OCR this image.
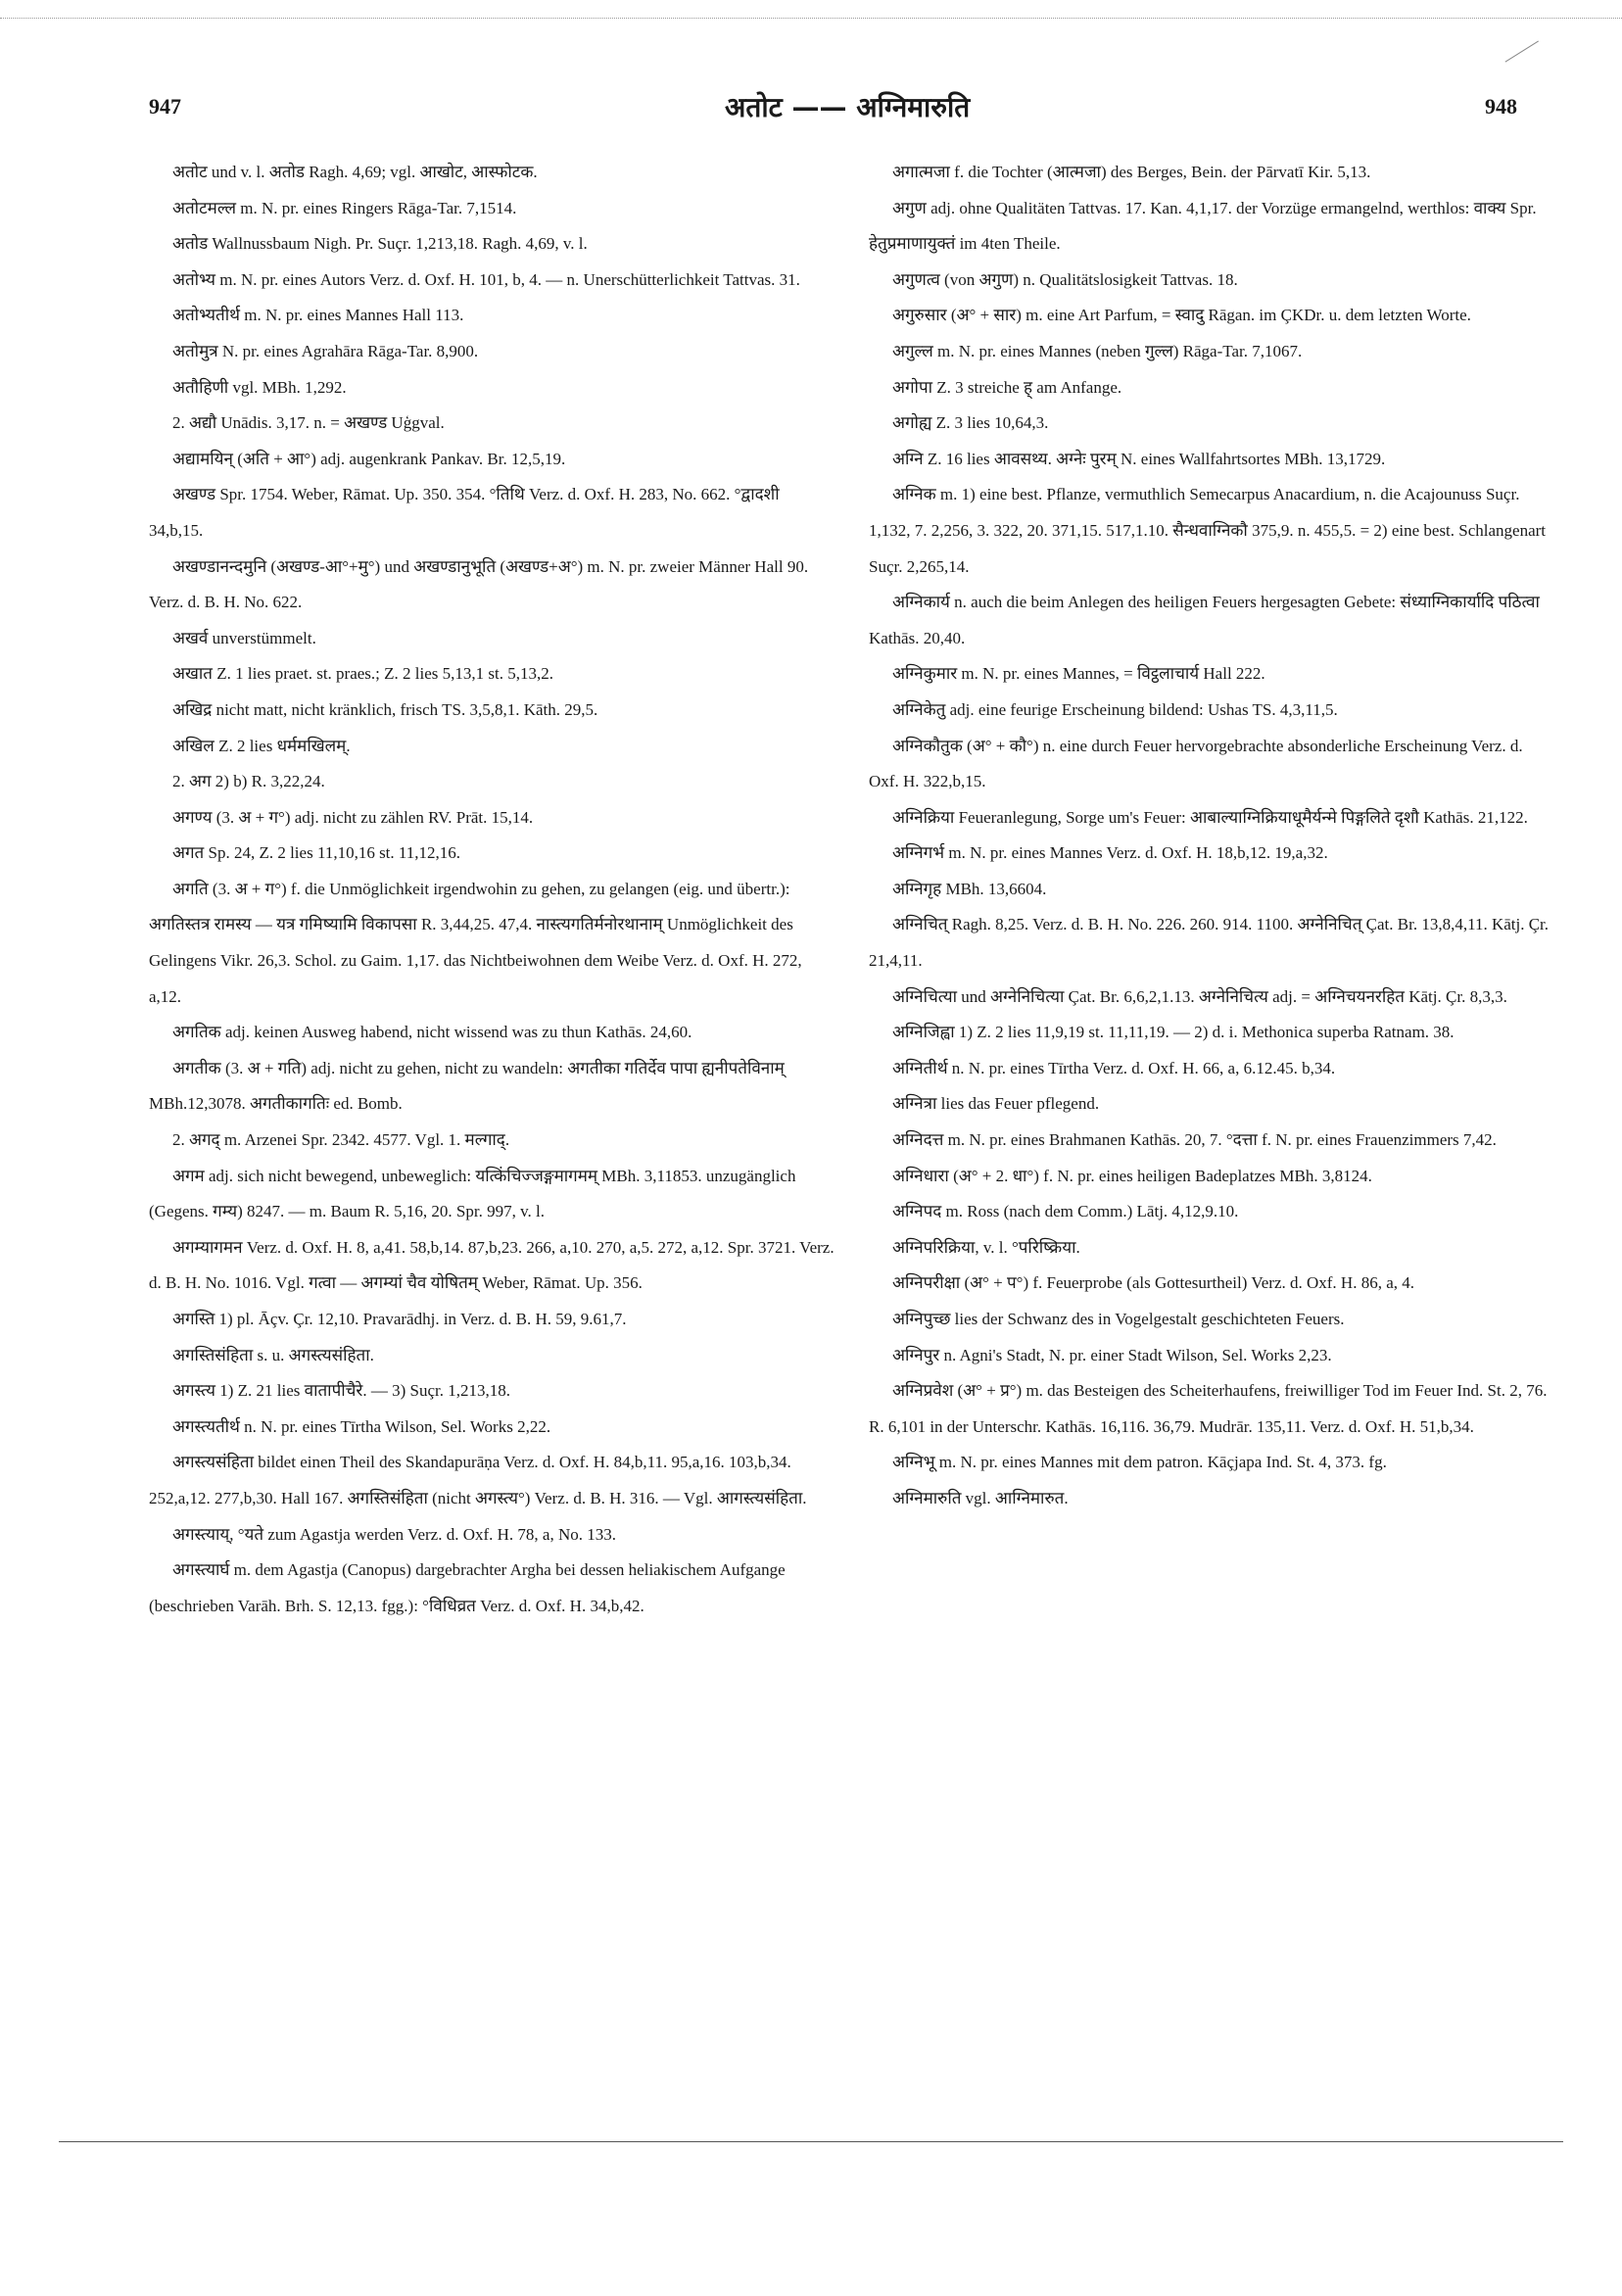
947	अतोट —— अग्निमारुति	948

अतोट und v. l. अतोड Ragh. 4,69; vgl. आखोट, आस्फोटक.

अतोटमल्ल m. N. pr. eines Ringers Rāga-Tar. 7,1514.

अतोड Wallnussbaum Nigh. Pr. Suçr. 1,213,18. Ragh. 4,69, v. l.

अतोभ्य m. N. pr. eines Autors Verz. d. Oxf. H. 101, b, 4. — n. Unerschütterlichkeit Tattvas. 31.

अतोभ्यतीर्थ m. N. pr. eines Mannes Hall 113.

अतोमुत्र N. pr. eines Agrahāra Rāga-Tar. 8,900.

अतौहिणी vgl. MBh. 1,292.

2. अद्यौ Unādis. 3,17. n. = अखण्ड Uģgval.

अद्यामयिन् (अति + आ°) adj. augenkrank Pankav. Br. 12,5,19.

अखण्ड Spr. 1754. Weber, Rāmat. Up. 350. 354. °तिथि Verz. d. Oxf. H. 283, No. 662. °द्वादशी 34,b,15.

अखण्डानन्दमुनि (अखण्ड-आ°+मु°) und अखण्डानुभूति (अखण्ड+अ°) m. N. pr. zweier Männer Hall 90. Verz. d. B. H. No. 622.

अखर्व unverstümmelt.

अखात Z. 1 lies praet. st. praes.; Z. 2 lies 5,13,1 st. 5,13,2.

अखिद्र nicht matt, nicht kränklich, frisch TS. 3,5,8,1. Kāth. 29,5.

अखिल Z. 2 lies धर्ममखिलम्.

2. अग 2) b) R. 3,22,24.

अगण्य (3. अ + ग°) adj. nicht zu zählen RV. Prāt. 15,14.

अगत Sp. 24, Z. 2 lies 11,10,16 st. 11,12,16.

अगति (3. अ + ग°) f. die Unmöglichkeit irgendwohin zu gehen, zu gelangen (eig. und übertr.): अगतिस्तत्र रामस्य — यत्र गमिष्यामि विकापसा R. 3,44,25. 47,4. नास्त्यगतिर्मनोरथानाम् Unmöglichkeit des Gelingens Vikr. 26,3. Schol. zu Gaim. 1,17. das Nichtbeiwohnen dem Weibe Verz. d. Oxf. H. 272, a,12.

अगतिक adj. keinen Ausweg habend, nicht wissend was zu thun Kathās. 24,60.

अगतीक (3. अ + गति) adj. nicht zu gehen, nicht zu wandeln: अगतीका गतिर्देव पापा ह्यनीपतेविनाम् MBh.12,3078. अगतीकागतिः ed. Bomb.

2. अगद् m. Arzenei Spr. 2342. 4577. Vgl. 1. मल्गाद्.

अगम adj. sich nicht bewegend, unbeweglich: यत्किंचिज्जङ्गमागमम् MBh. 3,11853. unzugänglich (Gegens. गम्य) 8247. — m. Baum R. 5,16, 20. Spr. 997, v. l.

अगम्यागमन Verz. d. Oxf. H. 8, a,41. 58,b,14. 87,b,23. 266, a,10. 270, a,5. 272, a,12. Spr. 3721. Verz. d. B. H. No. 1016. Vgl. गत्वा — अगम्यां चैव योषितम् Weber, Rāmat. Up. 356.

अगस्ति 1) pl. Āçv. Çr. 12,10. Pravarādhj. in Verz. d. B. H. 59, 9.61,7.

अगस्तिसंहिता s. u. अगस्त्यसंहिता.

अगस्त्य 1) Z. 21 lies वातापीचैरे. — 3) Suçr. 1,213,18.

अगस्त्यतीर्थ n. N. pr. eines Tīrtha Wilson, Sel. Works 2,22.

अगस्त्यसंहिता bildet einen Theil des Skandapurāṇa Verz. d. Oxf. H. 84,b,11. 95,a,16. 103,b,34. 252,a,12. 277,b,30. Hall 167. अगस्तिसंहिता (nicht अगस्त्य°) Verz. d. B. H. 316. — Vgl. आगस्त्यसंहिता.

अगस्त्याय्, °यते zum Agastja werden Verz. d. Oxf. H. 78, a, No. 133.

अगस्त्यार्घ m. dem Agastja (Canopus) dargebrachter Argha bei dessen heliakischem Aufgange (beschrieben Varāh. Brh. S. 12,13. fgg.): °विधिव्रत Verz. d. Oxf. H. 34,b,42.

अगात्मजा f. die Tochter (आत्मजा) des Berges, Bein. der Pārvatī Kir. 5,13.

अगुण adj. ohne Qualitäten Tattvas. 17. Kan. 4,1,17. der Vorzüge ermangelnd, werthlos: वाक्य Spr. हेतुप्रमाणायुक्तं im 4ten Theile.

अगुणत्व (von अगुण) n. Qualitätslosigkeit Tattvas. 18.

अगुरुसार (अ° + सार) m. eine Art Parfum, = स्वादु Rāgan. im ÇKDr. u. dem letzten Worte.

अगुल्ल m. N. pr. eines Mannes (neben गुल्ल) Rāga-Tar. 7,1067.

अगोपा Z. 3 streiche ह् am Anfange.

अगोह्य Z. 3 lies 10,64,3.

अग्नि Z. 16 lies आवसथ्य. अग्नेः पुरम् N. eines Wallfahrtsortes MBh. 13,1729.

अग्निक m. 1) eine best. Pflanze, vermuthlich Semecarpus Anacardium, n. die Acajounuss Suçr. 1,132, 7. 2,256, 3. 322, 20. 371,15. 517,1.10. सैन्धवाग्निकौ 375,9. n. 455,5. = 2) eine best. Schlangenart Suçr. 2,265,14.

अग्निकार्य n. auch die beim Anlegen des heiligen Feuers hergesagten Gebete: संध्याग्निकार्यादि पठित्वा Kathās. 20,40.

अग्निकुमार m. N. pr. eines Mannes, = विट्ठलाचार्य Hall 222.

अग्निकेतु adj. eine feurige Erscheinung bildend: Ushas TS. 4,3,11,5.

अग्निकौतुक (अ° + कौ°) n. eine durch Feuer hervorgebrachte absonderliche Erscheinung Verz. d. Oxf. H. 322,b,15.

अग्निक्रिया Feueranlegung, Sorge um's Feuer: आबाल्याग्निक्रियाधूमैर्यन्मे पिङ्गलिते दृशौ Kathās. 21,122.

अग्निगर्भ m. N. pr. eines Mannes Verz. d. Oxf. H. 18,b,12. 19,a,32.

अग्निगृह MBh. 13,6604.

अग्निचित् Ragh. 8,25. Verz. d. B. H. No. 226. 260. 914. 1100. अग्नेनिचित् Çat. Br. 13,8,4,11. Kātj. Çr. 21,4,11.

अग्निचित्या und अग्नेनिचित्या Çat. Br. 6,6,2,1.13. अग्नेनिचित्य adj. = अग्निचयनरहित Kātj. Çr. 8,3,3.

अग्निजिह्वा 1) Z. 2 lies 11,9,19 st. 11,11,19. — 2) d. i. Methonica superba Ratnam. 38.

अग्नितीर्थ n. N. pr. eines Tīrtha Verz. d. Oxf. H. 66, a, 6.12.45. b,34.

अग्नित्रा lies das Feuer pflegend.

अग्निदत्त m. N. pr. eines Brahmanen Kathās. 20, 7. °दत्ता f. N. pr. eines Frauenzimmers 7,42.

अग्निधारा (अ° + 2. धा°) f. N. pr. eines heiligen Badeplatzes MBh. 3,8124.

अग्निपद m. Ross (nach dem Comm.) Lātj. 4,12,9.10.

अग्निपरिक्रिया, v. l. °परिष्क्रिया.

अग्निपरीक्षा (अ° + प°) f. Feuerprobe (als Gottesurtheil) Verz. d. Oxf. H. 86, a, 4.

अग्निपुच्छ lies der Schwanz des in Vogelgestalt geschichteten Feuers.

अग्निपुर n. Agni's Stadt, N. pr. einer Stadt Wilson, Sel. Works 2,23.

अग्निप्रवेश (अ° + प्र°) m. das Besteigen des Scheiterhaufens, freiwilliger Tod im Feuer Ind. St. 2, 76. R. 6,101 in der Unterschr. Kathās. 16,116. 36,79. Mudrār. 135,11. Verz. d. Oxf. H. 51,b,34.

अग्निभू m. N. pr. eines Mannes mit dem patron. Kāçjapa Ind. St. 4, 373. fg.

अग्निमारुति vgl. आग्निमारुत.
